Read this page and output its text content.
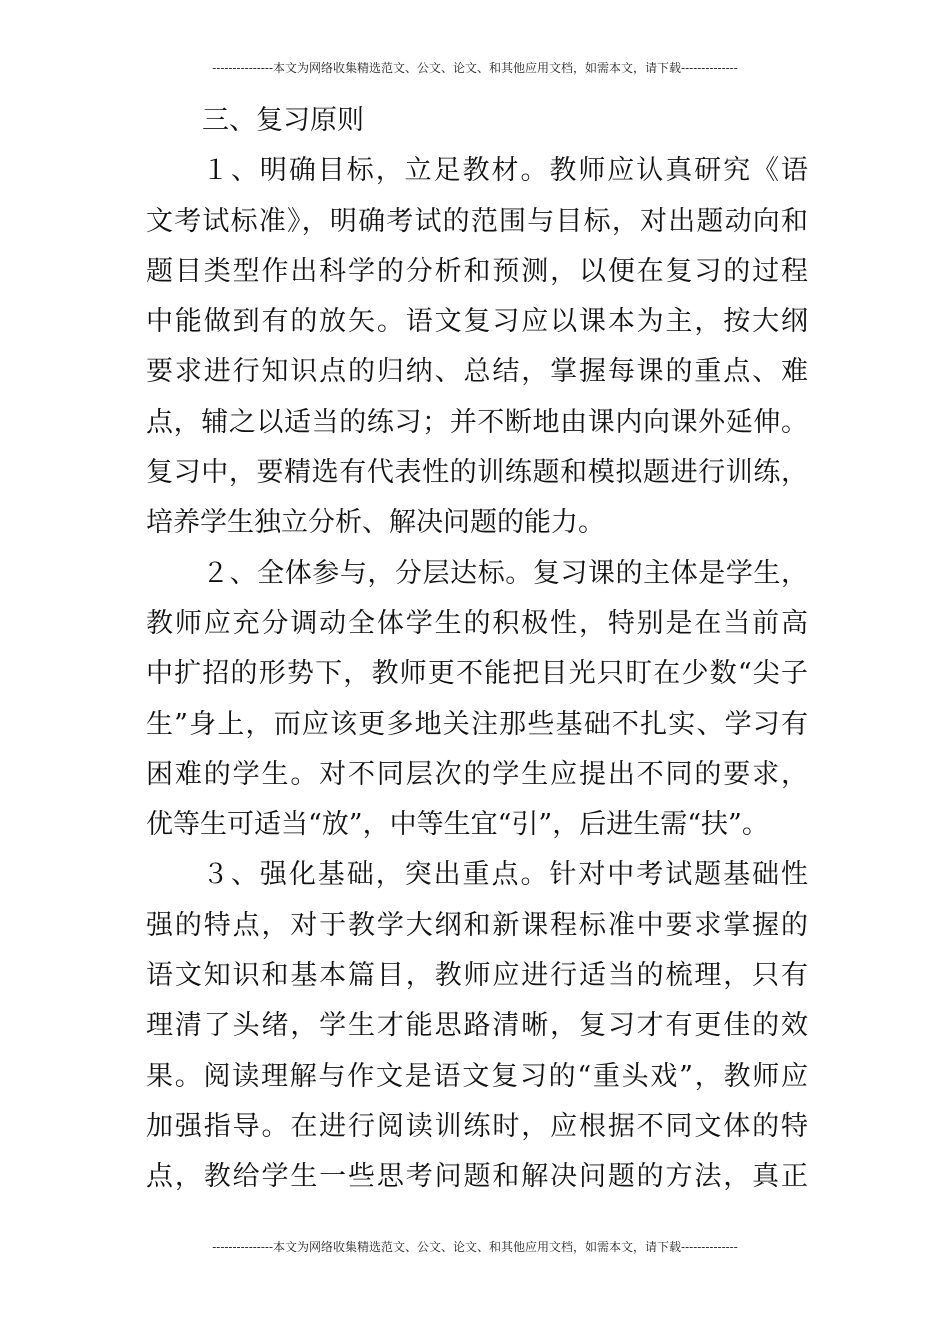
---------------本文为网络收集精选范文、公文、论文、和其他应用文档，如需本文，请下载--------------
三、复习原则
１、明确目标，立足教材。教师应认真研究《语
文考试标准》，明确考试的范围与目标，对出题动向和
题目类型作出科学的分析和预测，以便在复习的过程
中能做到有的放矢。语文复习应以课本为主，按大纲
要求进行知识点的归纳、总结，掌握每课的重点、难
点，辅之以适当的练习；并不断地由课内向课外延伸。
复习中，要精选有代表性的训练题和模拟题进行训练，
培养学生独立分析、解决问题的能力。
２、全体参与，分层达标。复习课的主体是学生，
教师应充分调动全体学生的积极性，特别是在当前高
中扩招的形势下，教师更不能把目光只盯在少数“尖子
生”身上，而应该更多地关注那些基础不扎实、学习有
困难的学生。对不同层次的学生应提出不同的要求，
优等生可适当“放”，中等生宜“引”，后进生需“扶”。
３、强化基础，突出重点。针对中考试题基础性
强的特点，对于教学大纲和新课程标准中要求掌握的
语文知识和基本篇目，教师应进行适当的梳理，只有
理清了头绪，学生才能思路清晰，复习才有更佳的效
果。阅读理解与作文是语文复习的“重头戏”，教师应
加强指导。在进行阅读训练时，应根据不同文体的特
点，教给学生一些思考问题和解决问题的方法，真正
---------------本文为网络收集精选范文、公文、论文、和其他应用文档，如需本文，请下载--------------
